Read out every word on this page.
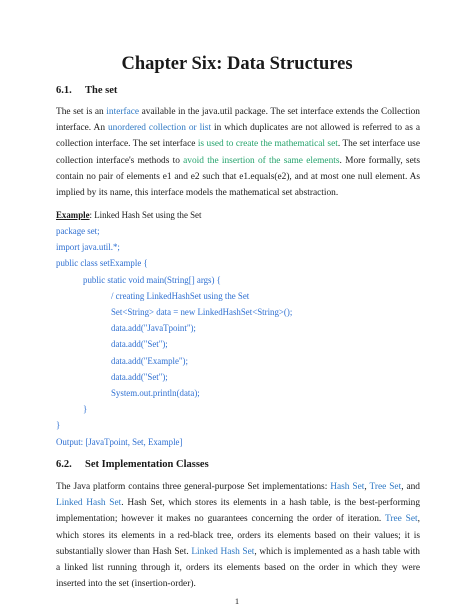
Chapter Six: Data Structures
6.1. The set
The set is an interface available in the java.util package. The set interface extends the Collection
interface. An unordered collection or list in which duplicates are not allowed is referred to as a
collection interface. The set interface is used to create the mathematical set. The set interface use
collection interface's methods to avoid the insertion of the same elements. More formally, sets
contain no pair of elements e1 and e2 such that e1.equals(e2), and at most one null element. As
implied by its name, this interface models the mathematical set abstraction.
Example: Linked Hash Set using the Set
package set;
import java.util.*;
public class setExample {
public static void main(String[] args) {
/ creating LinkedHashSet using the Set
Set<String> data = new LinkedHashSet<String>();
data.add("JavaTpoint");
data.add("Set");
data.add("Example");
data.add("Set");
System.out.println(data);
}
}
Output: [JavaTpoint, Set, Example]
6.2. Set Implementation Classes
The Java platform contains three general-purpose Set implementations: Hash Set, Tree Set, and
Linked Hash Set. Hash Set, which stores its elements in a hash table, is the best-performing
implementation; however it makes no guarantees concerning the order of iteration. Tree Set,
which stores its elements in a red-black tree, orders its elements based on their values; it is
substantially slower than Hash Set. Linked Hash Set, which is implemented as a hash table with
a linked list running through it, orders its elements based on the order in which they were
inserted into the set (insertion-order).
1
